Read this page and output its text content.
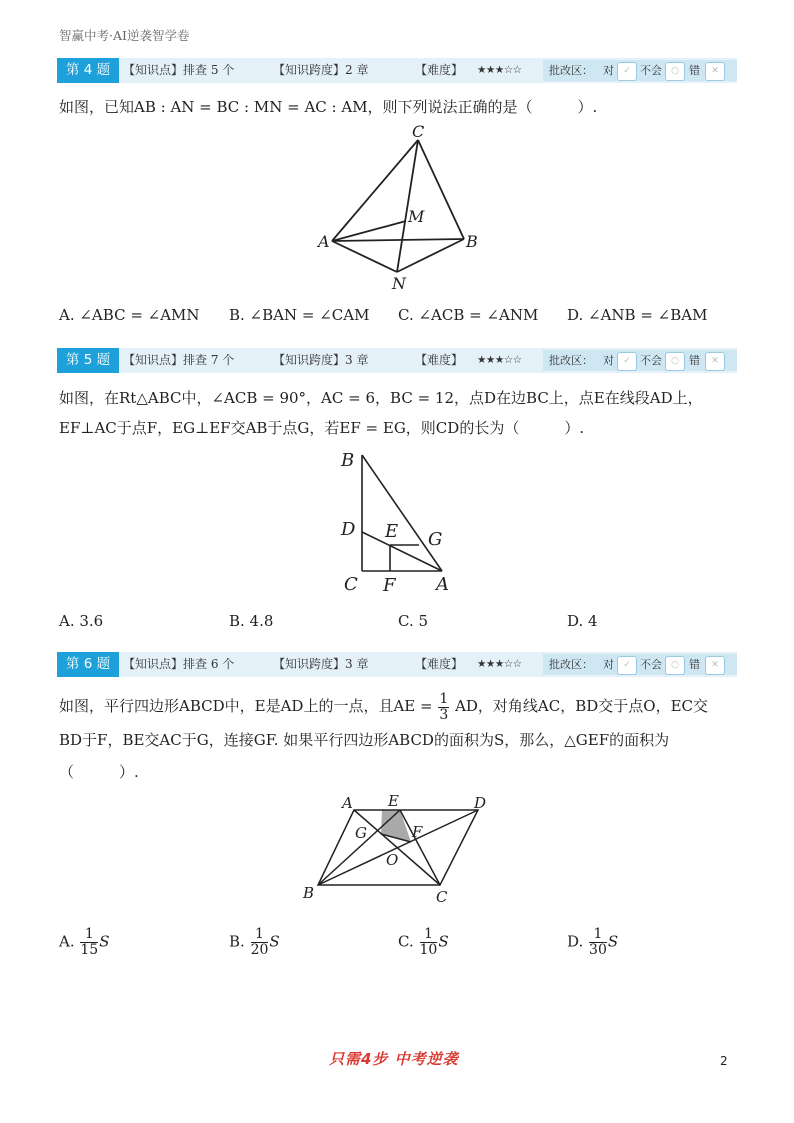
智赢中考·AI逆袭智学卷
第 4 题	【知识点】排查 5 个	【知识跨度】2 章	【难度】 ★★★☆☆ 批改区： 对	✓ 不会	○ 错	✕
如图，已知AB : AN = BC : MN = AC : AM，则下列说法正确的是（　　　）.
C
M
A	B
N
A. ∠ABC = ∠AMN B. ∠BAN = ∠CAM C. ∠ACB = ∠ANM D. ∠ANB = ∠BAM
第 5 题	【知识点】排查 7 个	【知识跨度】3 章	【难度】 ★★★☆☆ 批改区： 对	✓ 不会	○ 错	✕
如图，在Rt△ABC中，∠ACB = 90°，AC = 6，BC = 12，点D在边BC上，点E在线段AD上，
EF⊥AC于点F，EG⊥EF交AB于点G，若EF = EG，则CD的长为（　　　）.
B
D E G
C F A
A. 3.6	B. 4.8	C. 5	D. 4
第 6 题	【知识点】排查 6 个	【知识跨度】3 章	【难度】 ★★★☆☆ 批改区： 对	✓ 不会	○ 错	✕
如图，平行四边形ABCD中，E是AD上的一点，且AE = $\frac{1}{3}$ AD，对角线AC，BD交于点O，EC交
BD于F，BE交AC于G，连接GF. 如果平行四边形ABCD的面积为S，那么，△GEF的面积为
（　　　）.
A E	D
G	F
O
B	C
A. $\frac{1}{15}$ S	B. $\frac{1}{20}$ S	C. $\frac{1}{10}$ S	D. $\frac{1}{30}$ S
只需4步 中考逆袭	2
